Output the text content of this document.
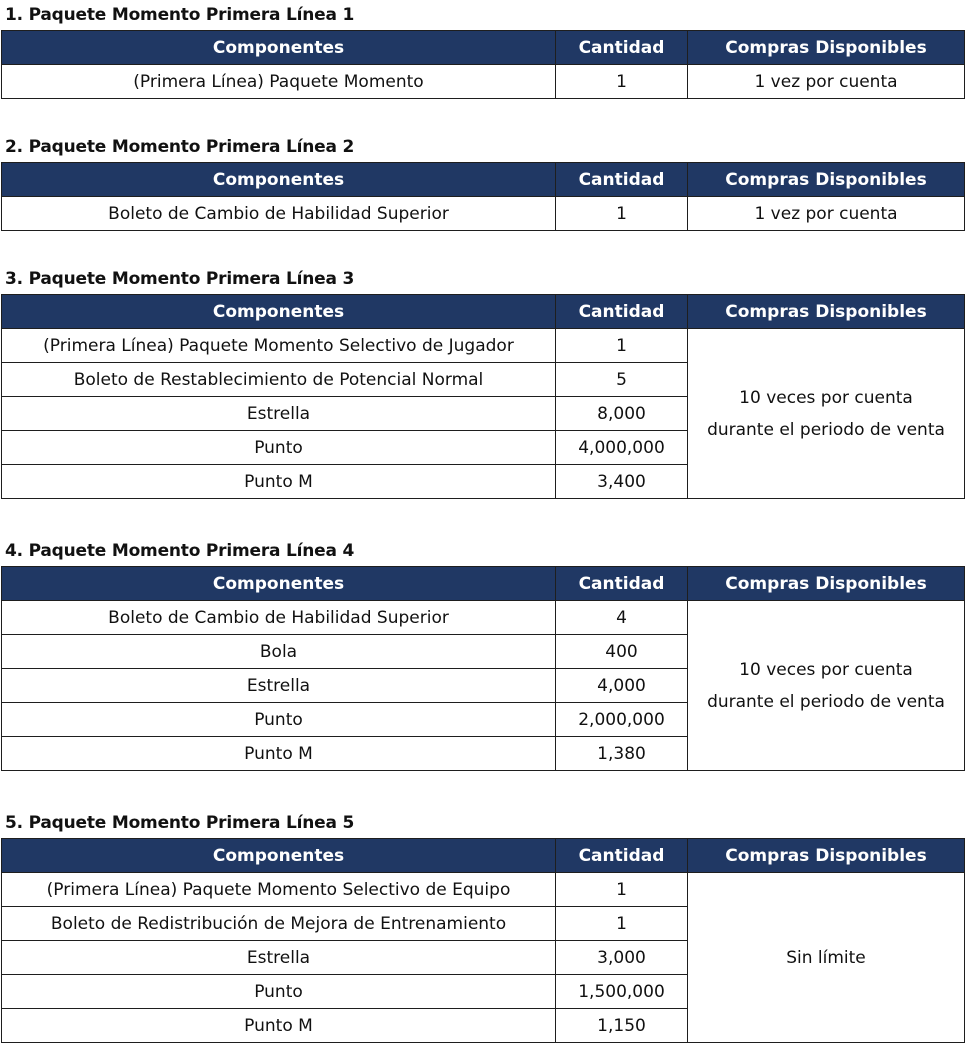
1. Paquete Momento Primera Línea 1
Componentes	Cantidad	Compras Disponibles
(Primera Línea) Paquete Momento	1	1 vez por cuenta
2. Paquete Momento Primera Línea 2
Componentes	Cantidad	Compras Disponibles
Boleto de Cambio de Habilidad Superior	1	1 vez por cuenta
3. Paquete Momento Primera Línea 3
Componentes	Cantidad	Compras Disponibles
(Primera Línea) Paquete Momento Selectivo de Jugador	1	10 veces por cuenta
durante el periodo de venta
Boleto de Restablecimiento de Potencial Normal	5	
Estrella	8,000	
Punto	4,000,000	
Punto M	3,400	
4. Paquete Momento Primera Línea 4
Componentes	Cantidad	Compras Disponibles
Boleto de Cambio de Habilidad Superior	4	10 veces por cuenta
durante el periodo de venta
Bola	400	
Estrella	4,000	
Punto	2,000,000	
Punto M	1,380	
5. Paquete Momento Primera Línea 5
Componentes	Cantidad	Compras Disponibles
(Primera Línea) Paquete Momento Selectivo de Equipo	1	Sin límite
Boleto de Redistribución de Mejora de Entrenamiento	1	
Estrella	3,000	
Punto	1,500,000	
Punto M	1,150	
